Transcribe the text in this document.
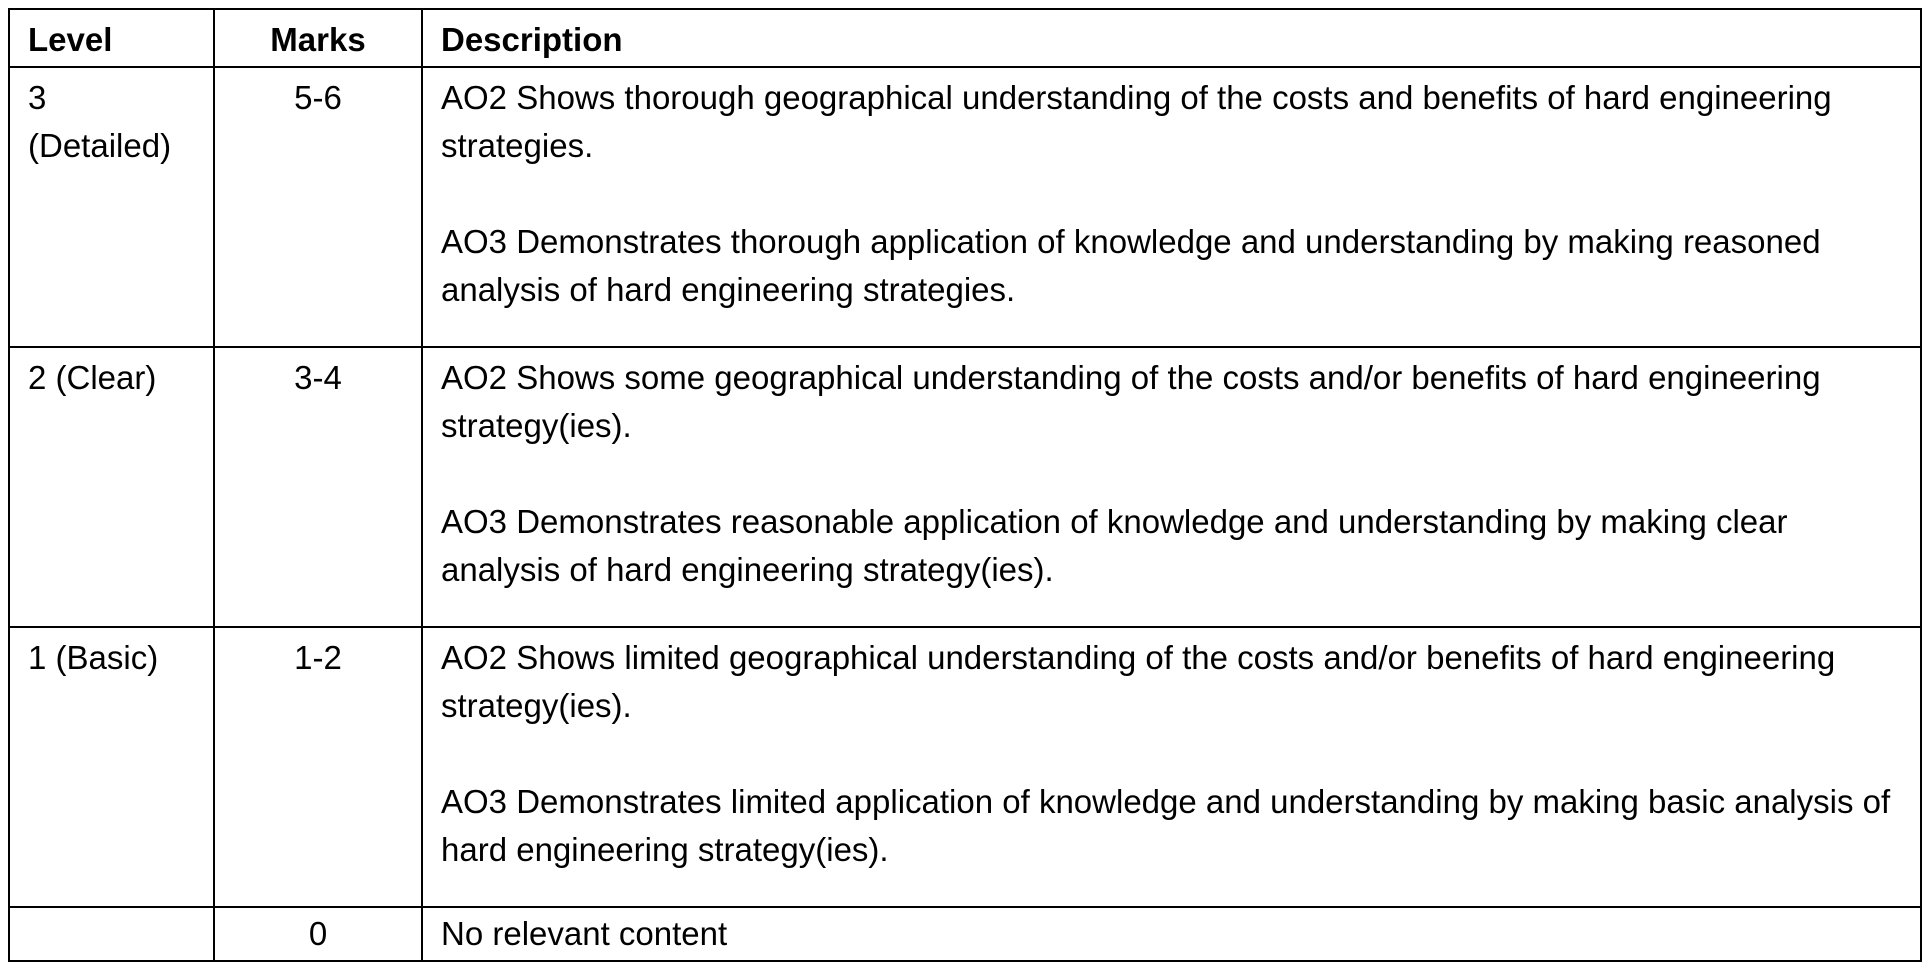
Level	Marks	Description

3
(Detailed)	5-6	AO2 Shows thorough geographical understanding of the costs and benefits of hard engineering strategies.
AO3 Demonstrates thorough application of knowledge and understanding by making reasoned analysis of hard engineering strategies.

2 (Clear)	3-4	AO2 Shows some geographical understanding of the costs and/or benefits of hard engineering strategy(ies).
AO3 Demonstrates reasonable application of knowledge and understanding by making clear analysis of hard engineering strategy(ies).

1 (Basic)	1-2	AO2 Shows limited geographical understanding of the costs and/or benefits of hard engineering strategy(ies).
AO3 Demonstrates limited application of knowledge and understanding by making basic analysis of hard engineering strategy(ies).

	0	No relevant content
